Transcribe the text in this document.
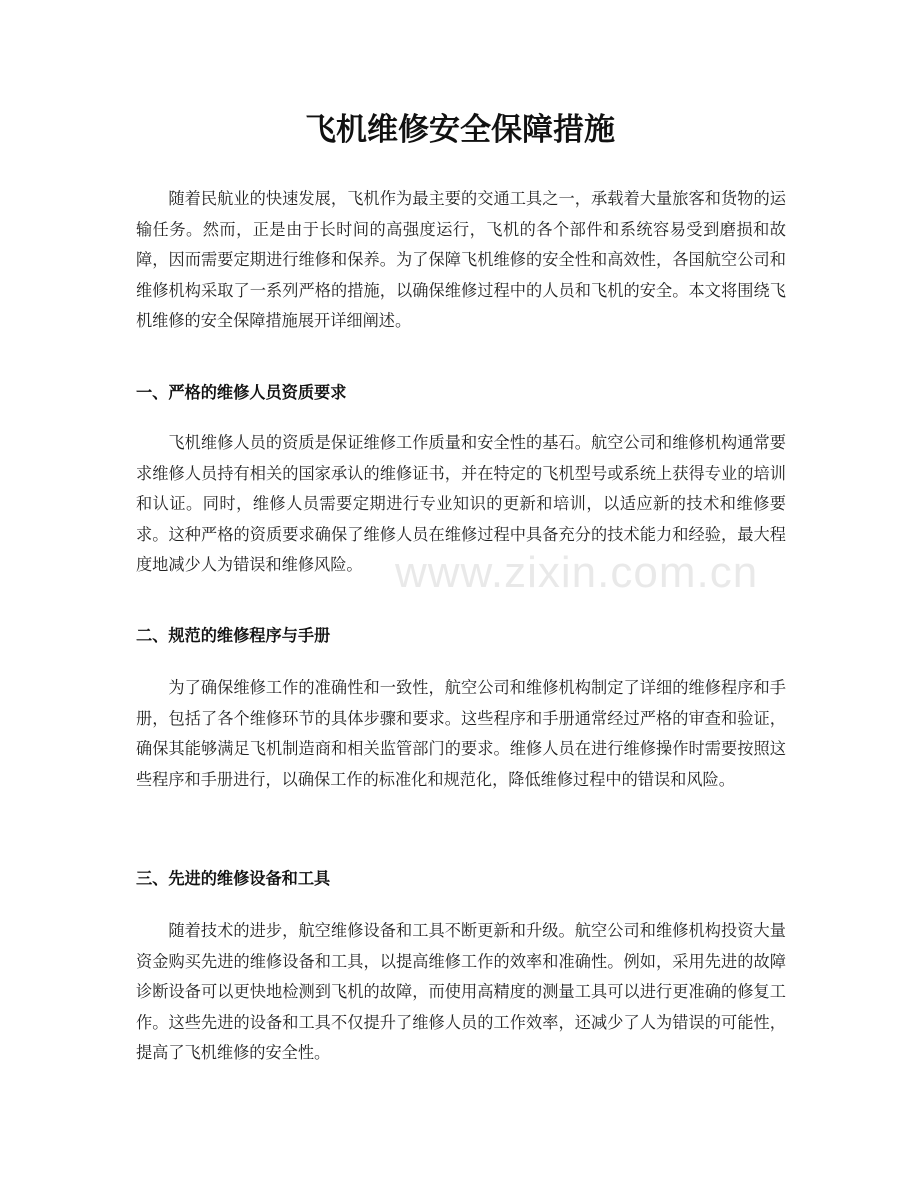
飞机维修安全保障措施

随着民航业的快速发展，飞机作为最主要的交通工具之一，承载着大量旅客和货物的运输任务。然而，正是由于长时间的高强度运行，飞机的各个部件和系统容易受到磨损和故障，因而需要定期进行维修和保养。为了保障飞机维修的安全性和高效性，各国航空公司和维修机构采取了一系列严格的措施，以确保维修过程中的人员和飞机的安全。本文将围绕飞机维修的安全保障措施展开详细阐述。

一、严格的维修人员资质要求

飞机维修人员的资质是保证维修工作质量和安全性的基石。航空公司和维修机构通常要求维修人员持有相关的国家承认的维修证书，并在特定的飞机型号或系统上获得专业的培训和认证。同时，维修人员需要定期进行专业知识的更新和培训，以适应新的技术和维修要求。这种严格的资质要求确保了维修人员在维修过程中具备充分的技术能力和经验，最大程度地减少人为错误和维修风险。

二、规范的维修程序与手册

为了确保维修工作的准确性和一致性，航空公司和维修机构制定了详细的维修程序和手册，包括了各个维修环节的具体步骤和要求。这些程序和手册通常经过严格的审查和验证，确保其能够满足飞机制造商和相关监管部门的要求。维修人员在进行维修操作时需要按照这些程序和手册进行，以确保工作的标准化和规范化，降低维修过程中的错误和风险。

三、先进的维修设备和工具

随着技术的进步，航空维修设备和工具不断更新和升级。航空公司和维修机构投资大量资金购买先进的维修设备和工具，以提高维修工作的效率和准确性。例如，采用先进的故障诊断设备可以更快地检测到飞机的故障，而使用高精度的测量工具可以进行更准确的修复工作。这些先进的设备和工具不仅提升了维修人员的工作效率，还减少了人为错误的可能性，提高了飞机维修的安全性。

www.zixin.com.cn
